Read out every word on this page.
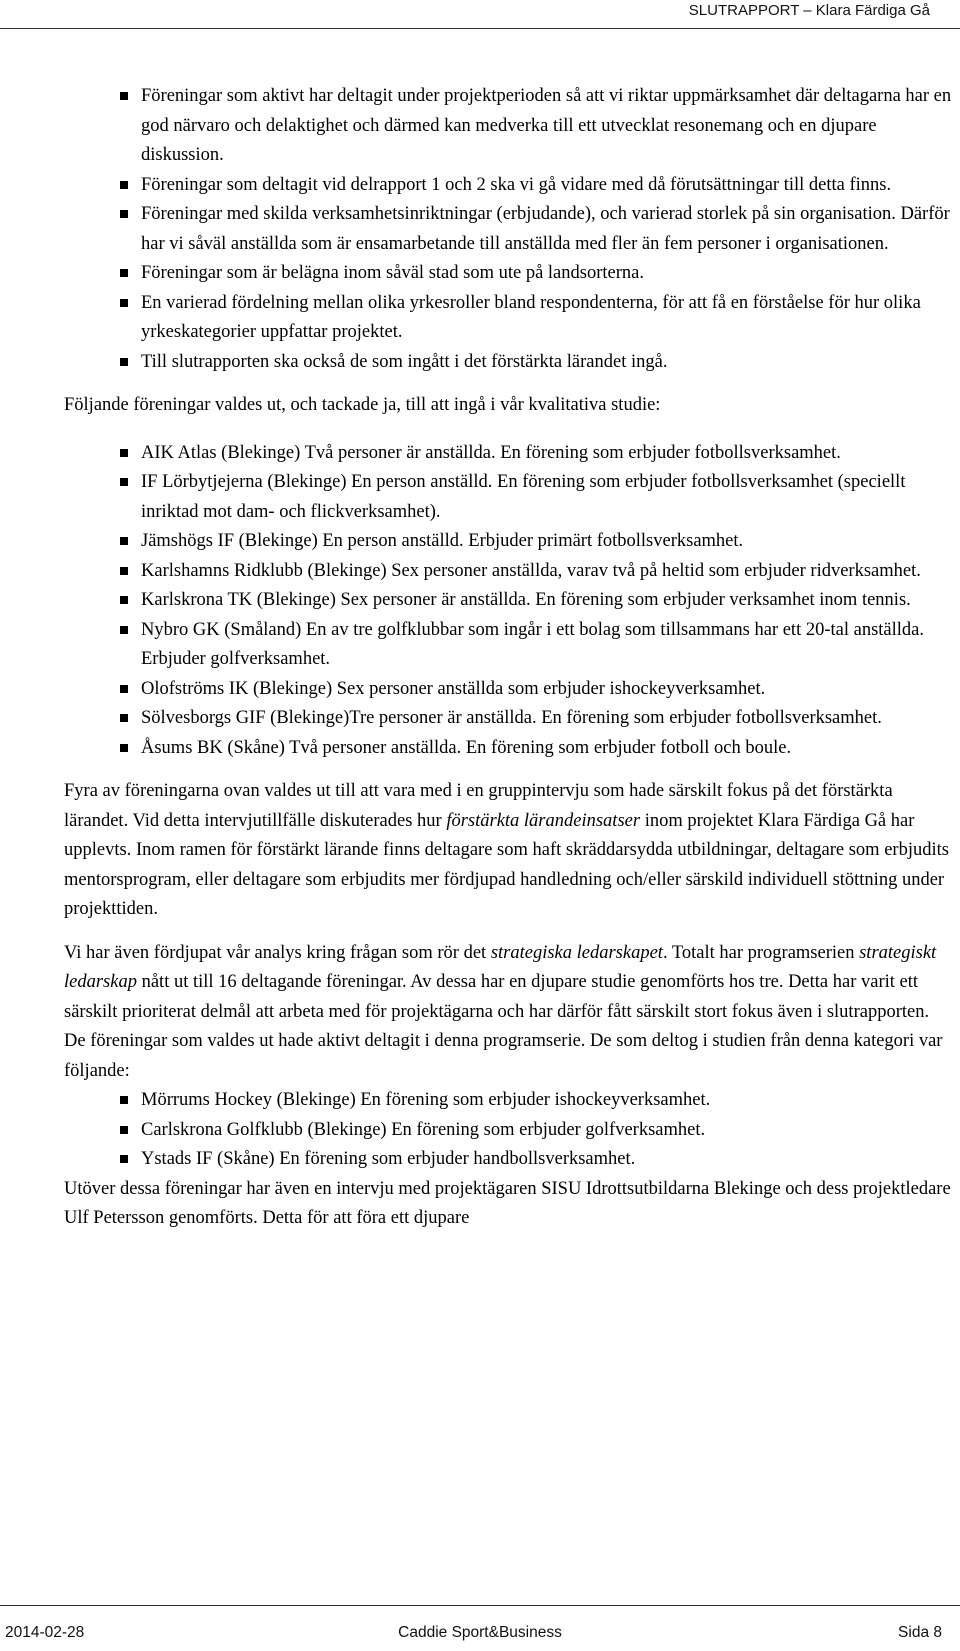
SLUTRAPPORT – Klara Färdiga Gå
Föreningar som aktivt har deltagit under projektperioden så att vi riktar uppmärksamhet där deltagarna har en god närvaro och delaktighet och därmed kan medverka till ett utvecklat resonemang och en djupare diskussion.
Föreningar som deltagit vid delrapport 1 och 2 ska vi gå vidare med då förutsättningar till detta finns.
Föreningar med skilda verksamhetsinriktningar (erbjudande), och varierad storlek på sin organisation. Därför har vi såväl anställda som är ensamarbetande till anställda med fler än fem personer i organisationen.
Föreningar som är belägna inom såväl stad som ute på landsorterna.
En varierad fördelning mellan olika yrkesroller bland respondenterna, för att få en förståelse för hur olika yrkeskategorier uppfattar projektet.
Till slutrapporten ska också de som ingått i det förstärkta lärandet ingå.

Följande föreningar valdes ut, och tackade ja, till att ingå i vår kvalitativa studie:

AIK Atlas (Blekinge) Två personer är anställda. En förening som erbjuder fotbollsverksamhet.
IF Lörbytjejerna (Blekinge) En person anställd. En förening som erbjuder fotbollsverksamhet (speciellt inriktad mot dam- och flickverksamhet).
Jämshögs IF (Blekinge) En person anställd. Erbjuder primärt fotbollsverksamhet.
Karlshamns Ridklubb (Blekinge) Sex personer anställda, varav två på heltid som erbjuder ridverksamhet.
Karlskrona TK (Blekinge) Sex personer är anställda. En förening som erbjuder verksamhet inom tennis.
Nybro GK (Småland) En av tre golfklubbar som ingår i ett bolag som tillsammans har ett 20-tal anställda. Erbjuder golfverksamhet.
Olofströms IK (Blekinge) Sex personer anställda som erbjuder ishockeyverksamhet.
Sölvesborgs GIF (Blekinge)Tre personer är anställda. En förening som erbjuder fotbollsverksamhet.
Åsums BK (Skåne) Två personer anställda. En förening som erbjuder fotboll och boule.

Fyra av föreningarna ovan valdes ut till att vara med i en gruppintervju som hade särskilt fokus på det förstärkta lärandet. Vid detta intervjutillfälle diskuterades hur förstärkta lärandeinsatser inom projektet Klara Färdiga Gå har upplevts. Inom ramen för förstärkt lärande finns deltagare som haft skräddarsydda utbildningar, deltagare som erbjudits mentorsprogram, eller deltagare som erbjudits mer fördjupad handledning och/eller särskild individuell stöttning under projekttiden.

Vi har även fördjupat vår analys kring frågan som rör det strategiska ledarskapet. Totalt har programserien strategiskt ledarskap nått ut till 16 deltagande föreningar. Av dessa har en djupare studie genomförts hos tre. Detta har varit ett särskilt prioriterat delmål att arbeta med för projektägarna och har därför fått särskilt stort fokus även i slutrapporten. De föreningar som valdes ut hade aktivt deltagit i denna programserie. De som deltog i studien från denna kategori var följande:

Mörrums Hockey (Blekinge) En förening som erbjuder ishockeyverksamhet.
Carlskrona Golfklubb (Blekinge) En förening som erbjuder golfverksamhet.
Ystads IF (Skåne) En förening som erbjuder handbollsverksamhet.

Utöver dessa föreningar har även en intervju med projektägaren SISU Idrottsutbildarna Blekinge och dess projektledare Ulf Petersson genomförts. Detta för att föra ett djupare

2014-02-28	Caddie Sport&Business	Sida 8
